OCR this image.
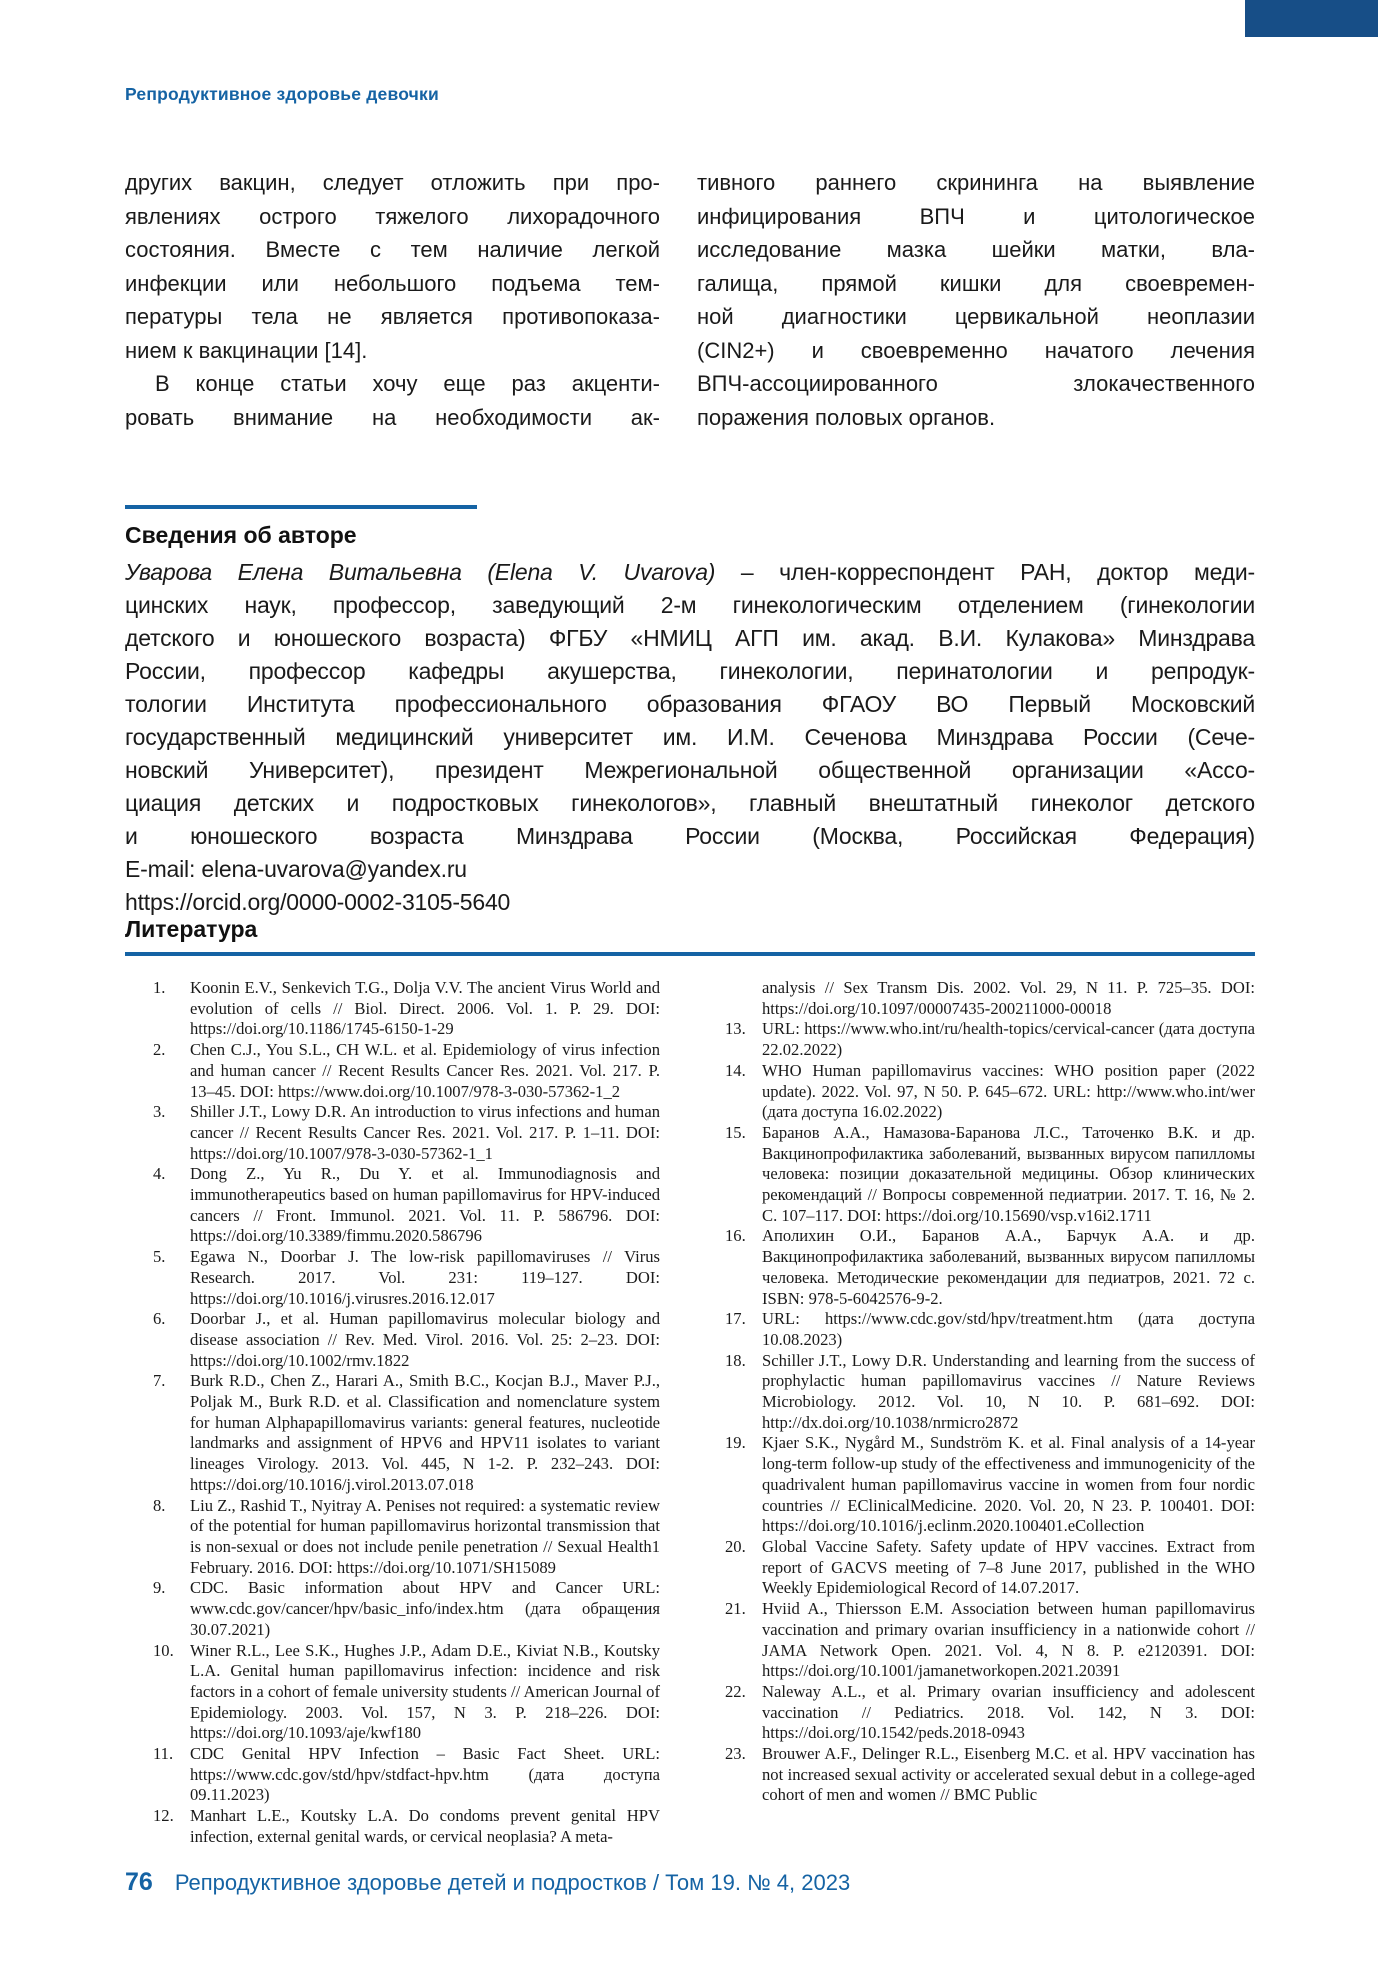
Репродуктивное здоровье девочки
других вакцин, следует отложить при про-
явлениях острого тяжелого лихорадочного
состояния. Вместе с тем наличие легкой
инфекции или небольшого подъема тем-
пературы тела не является противопоказа-
нием к вакцинации [14].
В конце статьи хочу еще раз акценти-
ровать внимание на необходимости ак-
тивного раннего скрининга на выявление
инфицирования ВПЧ и цитологическое
исследование мазка шейки матки, вла-
галища, прямой кишки для своевремен-
ной диагностики цервикальной неоплазии
(CIN2+) и своевременно начатого лечения
ВПЧ-ассоциированного злокачественного
поражения половых органов.
Сведения об авторе
Уварова Елена Витальевна (Elena V. Uvarova) – член-корреспондент РАН, доктор меди-
цинских наук, профессор, заведующий 2-м гинекологическим отделением (гинекологии
детского и юношеского возраста) ФГБУ «НМИЦ АГП им. акад. В.И. Кулакова» Минздрава
России, профессор кафедры акушерства, гинекологии, перинатологии и репродук-
тологии Института профессионального образования ФГАОУ ВО Первый Московский
государственный медицинский университет им. И.М. Сеченова Минздрава России (Сече-
новский Университет), президент Межрегиональной общественной организации «Ассо-
циация детских и подростковых гинекологов», главный внештатный гинеколог детского
и юношеского возраста Минздрава России (Москва, Российская Федерация)
E-mail: elena-uvarova@yandex.ru
https://orcid.org/0000-0002-3105-5640
Литература
1.	Koonin E.V., Senkevich T.G., Dolja V.V. The ancient Virus World and evolution of cells // Biol. Direct. 2006. Vol. 1. P. 29. DOI: https://doi.org/10.1186/1745-6150-1-29
2.	Chen C.J., You S.L., CH W.L. et al. Epidemiology of virus infection and human cancer // Recent Results Cancer Res. 2021. Vol. 217. P. 13–45. DOI: https://www.doi.org/10.1007/978-3-030-57362-1_2
3.	Shiller J.T., Lowy D.R. An introduction to virus infections and human cancer // Recent Results Cancer Res. 2021. Vol. 217. P. 1–11. DOI: https://doi.org/10.1007/978-3-030-57362-1_1
4.	Dong Z., Yu R., Du Y. et al. Immunodiagnosis and immunotherapeutics based on human papillomavirus for HPV-induced cancers // Front. Immunol. 2021. Vol. 11. P. 586796. DOI: https://doi.org/10.3389/fimmu.2020.586796
5.	Egawa N., Doorbar J. The low-risk papillomaviruses // Virus Research. 2017. Vol. 231: 119–127. DOI: https://doi.org/10.1016/j.virusres.2016.12.017
6.	Doorbar J., et al. Human papillomavirus molecular biology and disease association // Rev. Med. Virol. 2016. Vol. 25: 2–23. DOI: https://doi.org/10.1002/rmv.1822
7.	Burk R.D., Chen Z., Harari A., Smith B.C., Kocjan B.J., Maver P.J., Poljak M., Burk R.D. et al. Classification and nomenclature system for human Alphapapillomavirus variants: general features, nucleotide landmarks and assignment of HPV6 and HPV11 isolates to variant lineages Virology. 2013. Vol. 445, N 1-2. P. 232–243. DOI: https://doi.org/10.1016/j.virol.2013.07.018
8.	Liu Z., Rashid T., Nyitray A. Penises not required: a systematic review of the potential for human papillomavirus horizontal transmission that is non-sexual or does not include penile penetration // Sexual Health1 February. 2016. DOI: https://doi.org/10.1071/SH15089
9.	CDC. Basic information about HPV and Cancer URL: www.cdc.gov/cancer/hpv/basic_info/index.htm (дата обращения 30.07.2021)
10. Winer R.L., Lee S.K., Hughes J.P., Adam D.E., Kiviat N.B., Koutsky L.A. Genital human papillomavirus infection: incidence and risk factors in a cohort of female university students // American Journal of Epidemiology. 2003. Vol. 157, N 3. P. 218–226. DOI: https://doi.org/10.1093/aje/kwf180
11.	CDC Genital HPV Infection – Basic Fact Sheet. URL: https://www.cdc.gov/std/hpv/stdfact-hpv.htm (дата доступа 09.11.2023)
12. Manhart L.E., Koutsky L.A. Do condoms prevent genital HPV infection, external genital wards, or cervical neoplasia? A meta-
analysis // Sex Transm Dis. 2002. Vol. 29, N 11. P. 725–35. DOI: https://doi.org/10.1097/00007435-200211000-00018
13. URL: https://www.who.int/ru/health-topics/cervical-cancer (дата доступа 22.02.2022)
14. WHO Human papillomavirus vaccines: WHO position paper (2022 update). 2022. Vol. 97, N 50. P. 645–672. URL: http://www.who.int/wer (дата доступа 16.02.2022)
15. Баранов А.А., Намазова-Баранова Л.С., Таточенко В.К. и др. Вакцинопрофилактика заболеваний, вызванных вирусом папилломы человека: позиции доказательной медицины. Обзор клинических рекомендаций // Вопросы современной педиатрии. 2017. Т. 16, № 2. С. 107–117. DOI: https://doi.org/10.15690/vsp.v16i2.1711
16. Аполихин О.И., Баранов А.А., Барчук А.А. и др. Вакцинопрофилактика заболеваний, вызванных вирусом папилломы человека. Методические рекомендации для педиатров, 2021. 72 с. ISBN: 978-5-6042576-9-2.
17. URL: https://www.cdc.gov/std/hpv/treatment.htm (дата доступа 10.08.2023)
18. Schiller J.T., Lowy D.R. Understanding and learning from the success of prophylactic human papillomavirus vaccines // Nature Reviews Microbiology. 2012. Vol. 10, N 10. P. 681–692. DOI: http://dx.doi.org/10.1038/nrmicro2872
19. Kjaer S.K., Nygård M., Sundström K. et al. Final analysis of a 14-year long-term follow-up study of the effectiveness and immunogenicity of the quadrivalent human papillomavirus vaccine in women from four nordic countries // EClinicalMedicine. 2020. Vol. 20, N 23. P. 100401. DOI: https://doi.org/10.1016/j.eclinm.2020.100401.eCollection
20. Global Vaccine Safety. Safety update of HPV vaccines. Extract from report of GACVS meeting of 7–8 June 2017, published in the WHO Weekly Epidemiological Record of 14.07.2017.
21. Hviid A., Thiersson E.M. Association between human papillomavirus vaccination and primary ovarian insufficiency in a nationwide cohort // JAMA Network Open. 2021. Vol. 4, N 8. P. e2120391. DOI: https://doi.org/10.1001/jamanetworkopen.2021.20391
22. Naleway A.L., et al. Primary ovarian insufficiency and adolescent vaccination // Pediatrics. 2018. Vol. 142, N 3. DOI: https://doi.org/10.1542/peds.2018-0943
23. Brouwer A.F., Delinger R.L., Eisenberg M.C. et al. HPV vaccination has not increased sexual activity or accelerated sexual debut in a college-aged cohort of men and women // BMC Public
76 Репродуктивное здоровье детей и подростков / Том 19. № 4, 2023
